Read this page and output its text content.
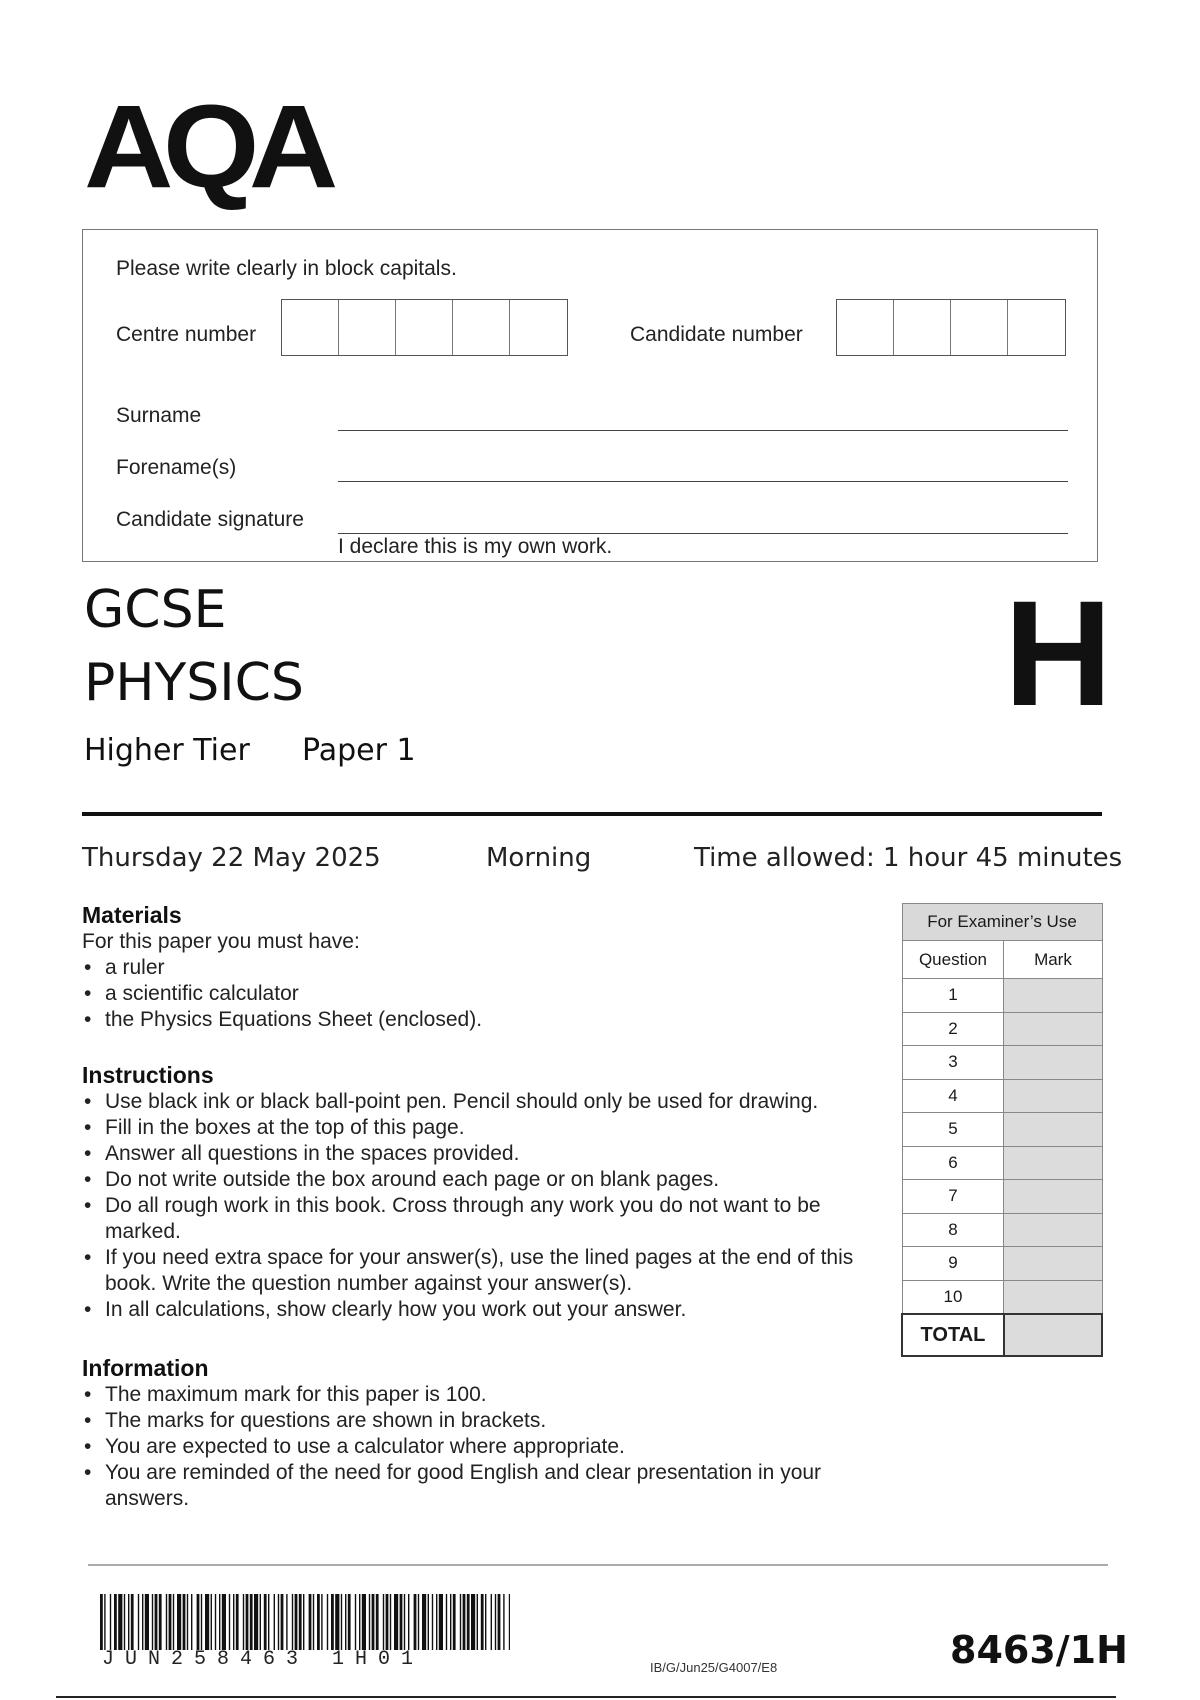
AQA
Please write clearly in block capitals.
Centre number	Candidate number
Surname
Forename(s)
Candidate signature
I declare this is my own work.
GCSE
PHYSICS
Higher Tier Paper 1
H
Thursday 22 May 2025	Morning	Time allowed: 1 hour 45 minutes
Materials
For this paper you must have:
• a ruler
• a scientific calculator
• the Physics Equations Sheet (enclosed).
Instructions
• Use black ink or black ball-point pen. Pencil should only be used for drawing.
• Fill in the boxes at the top of this page.
• Answer all questions in the spaces provided.
• Do not write outside the box around each page or on blank pages.
• Do all rough work in this book. Cross through any work you do not want to be marked.
• If you need extra space for your answer(s), use the lined pages at the end of this book. Write the question number against your answer(s).
• In all calculations, show clearly how you work out your answer.
Information
• The maximum mark for this paper is 100.
• The marks for questions are shown in brackets.
• You are expected to use a calculator where appropriate.
• You are reminded of the need for good English and clear presentation in your answers.
For Examiner’s Use	
Question	Mark
1	
2	
3	
4	
5	
6	
7	
8	
9	
10	
TOTAL	
JUN258463 1H01	IB/G/Jun25/G4007/E8	8463/1H
